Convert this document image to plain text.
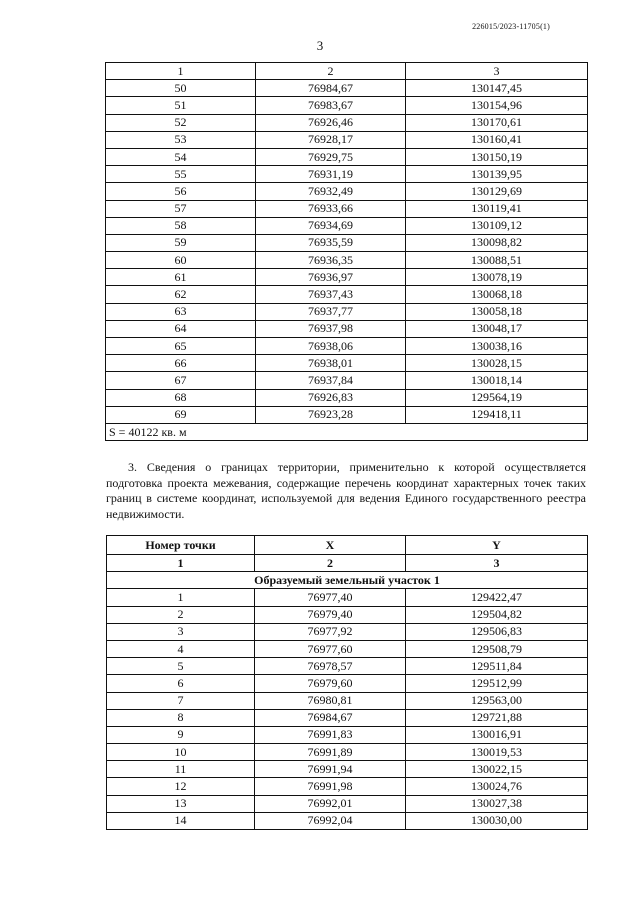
226015/2023-11705(1)
3
1	2	3
50	76984,67	130147,45
51	76983,67	130154,96
52	76926,46	130170,61
53	76928,17	130160,41
54	76929,75	130150,19
55	76931,19	130139,95
56	76932,49	130129,69
57	76933,66	130119,41
58	76934,69	130109,12
59	76935,59	130098,82
60	76936,35	130088,51
61	76936,97	130078,19
62	76937,43	130068,18
63	76937,77	130058,18
64	76937,98	130048,17
65	76938,06	130038,16
66	76938,01	130028,15
67	76937,84	130018,14
68	76926,83	129564,19
69	76923,28	129418,11
S = 40122 кв. м		
3. Сведения о границах территории, применительно к которой осуществляется подготовка проекта межевания, содержащие перечень координат характерных точек таких границ в системе координат, используемой для ведения Единого государственного реестра недвижимости.
Номер точки	X	Y
1	2	3
Образуемый земельный участок 1		
1	76977,40	129422,47
2	76979,40	129504,82
3	76977,92	129506,83
4	76977,60	129508,79
5	76978,57	129511,84
6	76979,60	129512,99
7	76980,81	129563,00
8	76984,67	129721,88
9	76991,83	130016,91
10	76991,89	130019,53
11	76991,94	130022,15
12	76991,98	130024,76
13	76992,01	130027,38
14	76992,04	130030,00
